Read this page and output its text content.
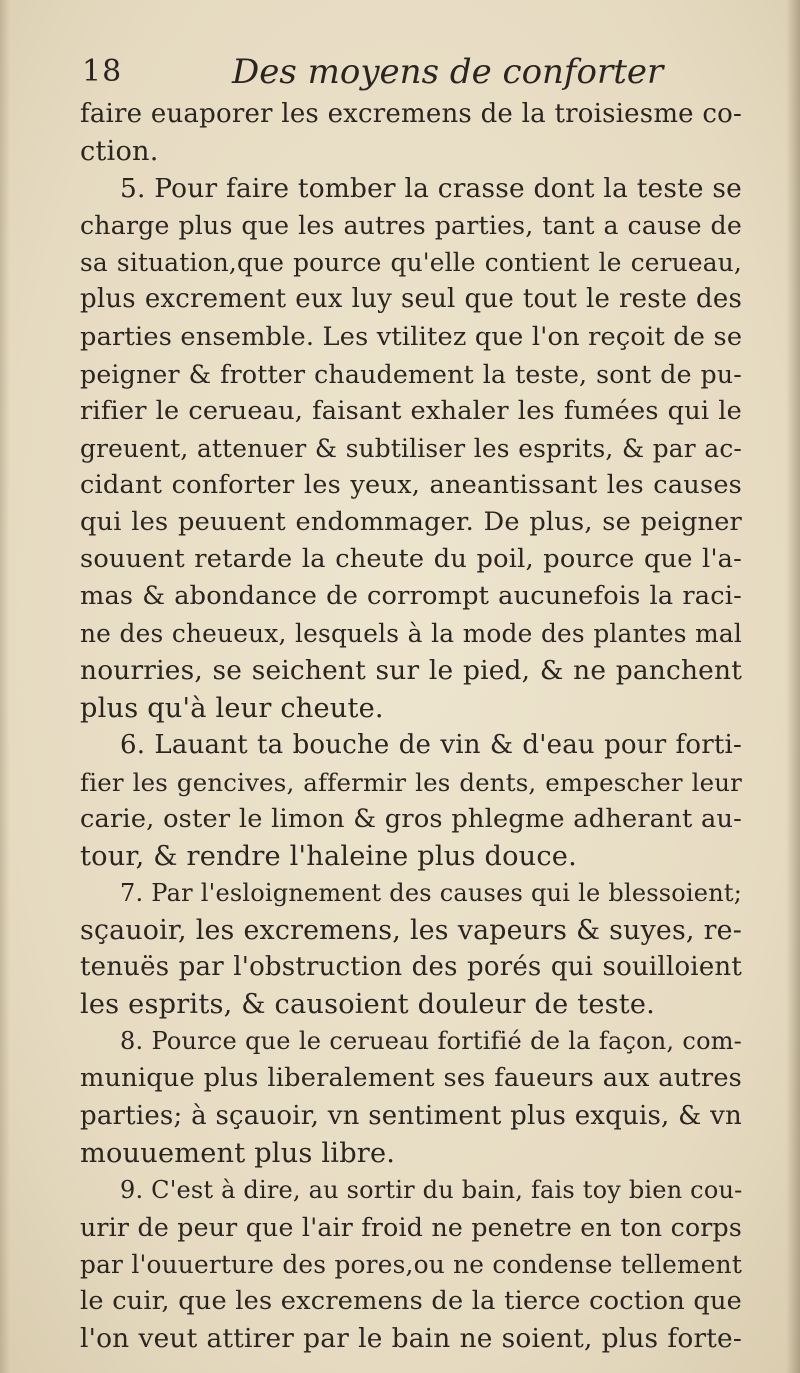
18	Des moyens de conforter
faire euaporer les excremens de la troisiesme co-
ction.
5. Pour faire tomber la crasse dont la teste se
charge plus que les autres parties, tant a cause de
sa situation,que pource qu'elle contient le cerueau,
plus excrement eux luy seul que tout le reste des
parties ensemble. Les vtilitez que l'on reçoit de se
peigner & frotter chaudement la teste, sont de pu-
rifier le cerueau, faisant exhaler les fumées qui le
greuent, attenuer & subtiliser les esprits, & par ac-
cidant conforter les yeux, aneantissant les causes
qui les peuuent endommager. De plus, se peigner
souuent retarde la cheute du poil, pource que l'a-
mas & abondance de corrompt aucunefois la raci-
ne des cheueux, lesquels à la mode des plantes mal
nourries, se seichent sur le pied, & ne panchent
plus qu'à leur cheute.
6. Lauant ta bouche de vin & d'eau pour forti-
fier les gencives, affermir les dents, empescher leur
carie, oster le limon & gros phlegme adherant au-
tour, & rendre l'haleine plus douce.
7. Par l'esloignement des causes qui le blessoient;
sçauoir, les excremens, les vapeurs & suyes, re-
tenuës par l'obstruction des porés qui souilloient
les esprits, & causoient douleur de teste.
8. Pource que le cerueau fortifié de la façon, com-
munique plus liberalement ses faueurs aux autres
parties; à sçauoir, vn sentiment plus exquis, & vn
mouuement plus libre.
9. C'est à dire, au sortir du bain, fais toy bien cou-
urir de peur que l'air froid ne penetre en ton corps
par l'ouuerture des pores,ou ne condense tellement
le cuir, que les excremens de la tierce coction que
l'on veut attirer par le bain ne soient, plus forte-
